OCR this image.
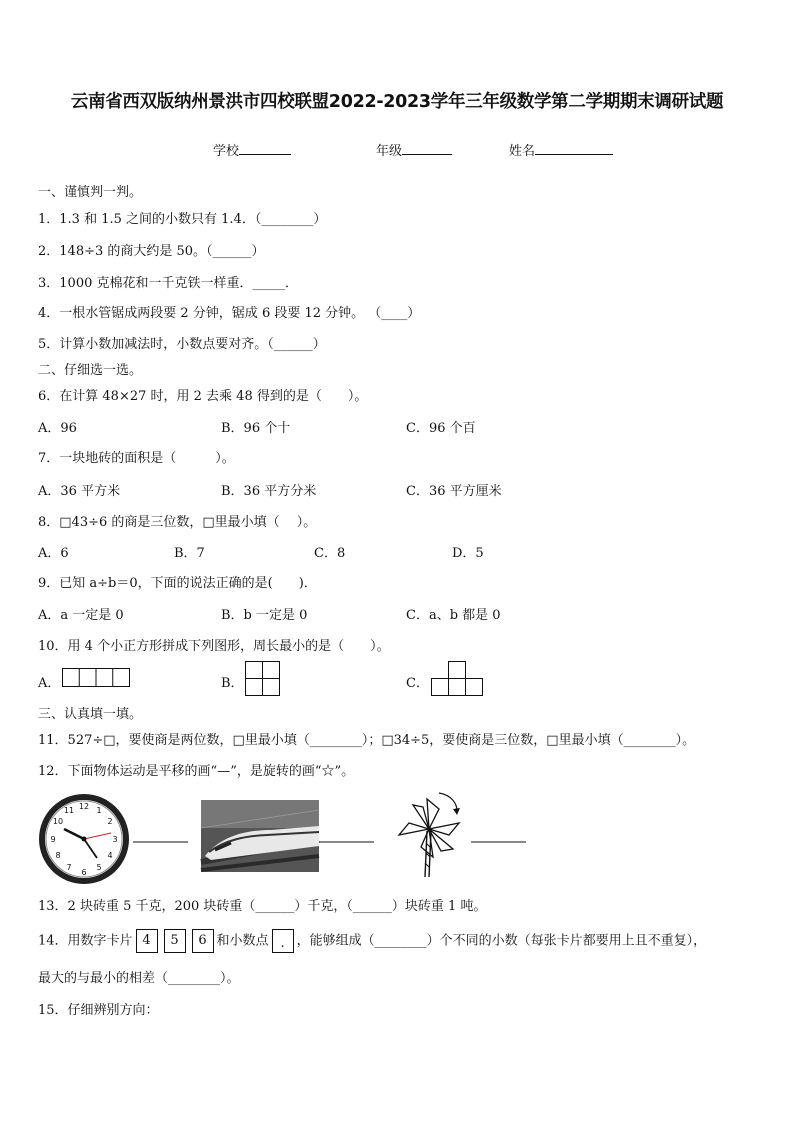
云南省西双版纳州景洪市四校联盟2022-2023学年三年级数学第二学期期末调研试题
学校	年级	姓名
一、谨慎判一判。
1．1.3 和 1.5 之间的小数只有 1.4．（________）
2．148÷3 的商大约是 50。（______）
3．1000 克棉花和一千克铁一样重．_____．
4．一根水管锯成两段要 2 分钟，锯成 6 段要 12 分钟。 （____）
5．计算小数加减法时，小数点要对齐。（______）
二、仔细选一选。
6．在计算 48×27 时，用 2 去乘 48 得到的是（　　）。
A．96	B．96 个十	C．96 个百
7．一块地砖的面积是（　　　）。
A．36 平方米	B．36 平方分米	C．36 平方厘米
8．□43÷6 的商是三位数，□里最小填（　 ）。
A．6	B．7	C．8	D．5
9．已知 a÷b＝0，下面的说法正确的是(　　)．
A．a 一定是 0	B．b 一定是 0	C．a、b 都是 0
10．用 4 个小正方形拼成下列图形，周长最小的是（　　）。
A．	B．	C．
三、认真填一填。
11．527÷□，要使商是两位数，□里最小填（________）；□34÷5，要使商是三位数，□里最小填（________）。
12．下面物体运动是平移的画“—”，是旋转的画“☆”。
12 1
2
3
4
5
6
7
8
9
10
11
13．2 块砖重 5 千克，200 块砖重（______）千克，（______）块砖重 1 吨。
14．用数字卡片 4 5 6 和小数点 . ，能够组成（________）个不同的小数（每张卡片都要用上且不重复），
最大的与最小的相差（________）。
15．仔细辨别方向：
